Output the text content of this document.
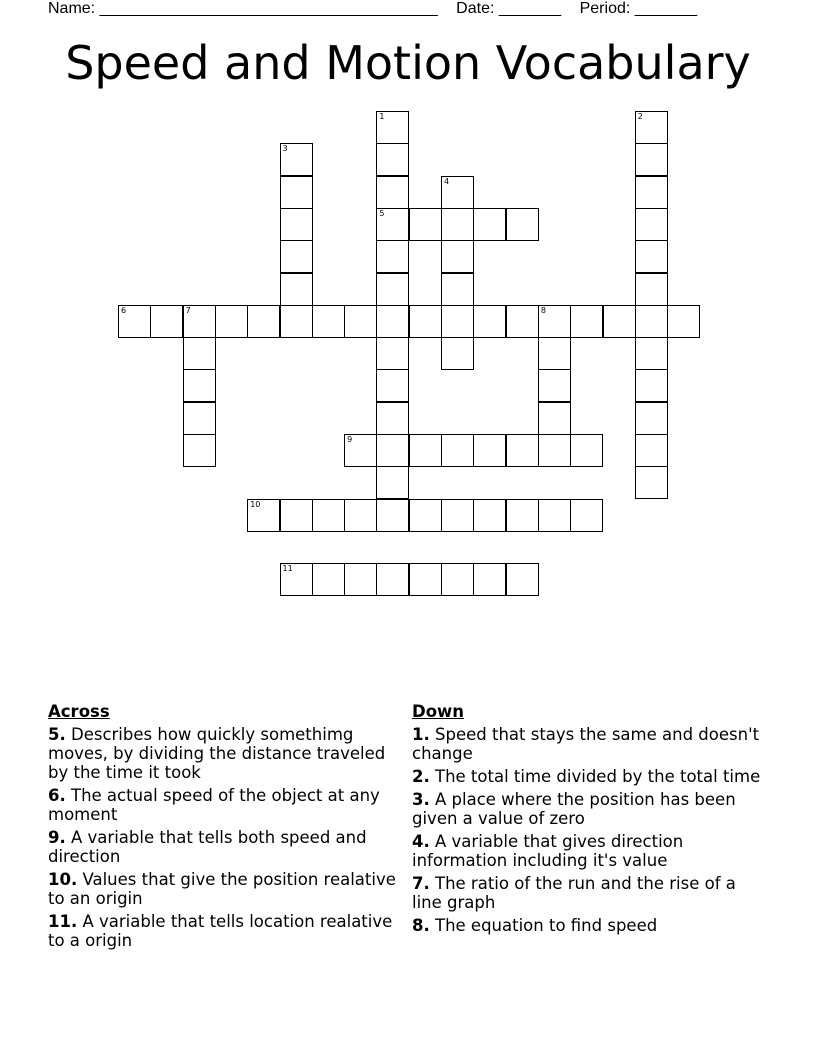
Name: ______________________________________ Date: _______ Period: _______
Speed and Motion Vocabulary
1
5
2
3
4
6	7	8
9
10
11
Across
5. Describes how quickly somethimg moves, by dividing the distance traveled by the time it took
6. The actual speed of the object at any moment
9. A variable that tells both speed and direction
10. Values that give the position realative to an origin
11. A variable that tells location realative to a origin
Down
1. Speed that stays the same and doesn't change
2. The total time divided by the total time
3. A place where the position has been given a value of zero
4. A variable that gives direction information including it's value
7. The ratio of the run and the rise of a line graph
8. The equation to find speed
